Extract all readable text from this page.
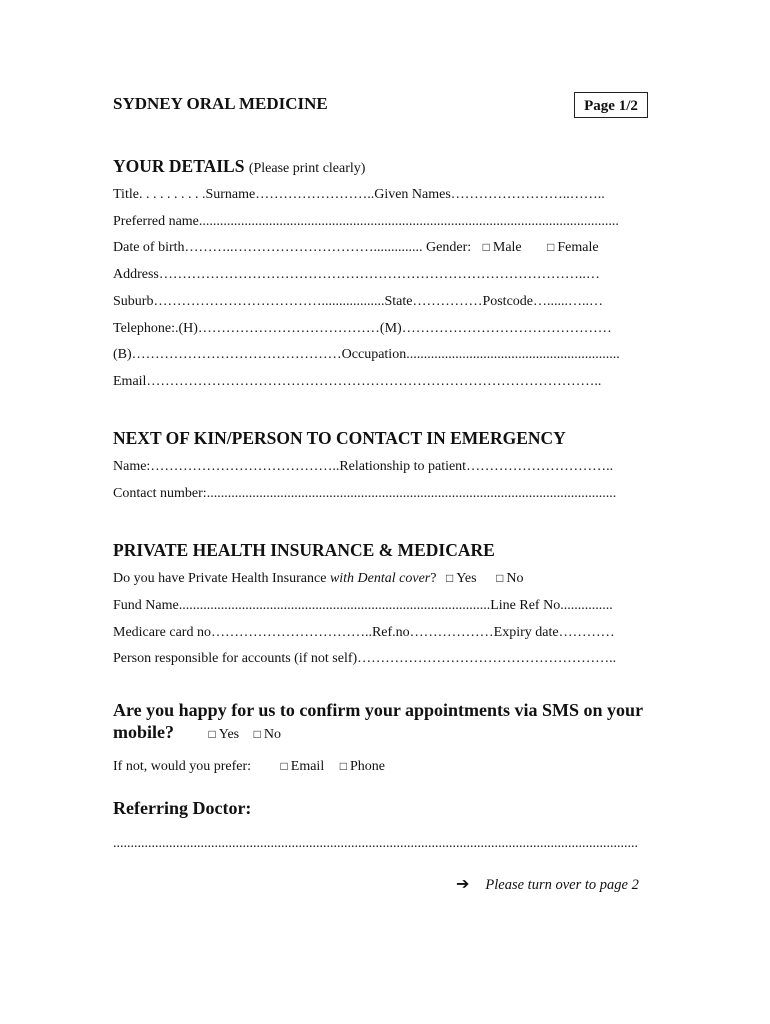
SYDNEY ORAL MEDICINE	Page 1/2
YOUR DETAILS (Please print clearly)
Title. . . . . . . . . .Surname……………………..Given Names……………………..……..
Preferred name........................................................................................................................
Date of birth………..………………………….............. Gender: □ Male □ Female
Address………………………………………………………………………………..…
Suburb………………………………..................State……………Postcode…......…..…
Telephone:.(H)…………………………………(M)………………………………………
(B)………………………………………Occupation.............................................................
Email……………………………………………………………………………………..
NEXT OF KIN/PERSON TO CONTACT IN EMERGENCY
Name:…………………………………..Relationship to patient…………………………..
Contact number:.....................................................................................................................
PRIVATE HEALTH INSURANCE & MEDICARE
Do you have Private Health Insurance with Dental cover? □ Yes □ No
Fund Name.........................................................................................Line Ref No...............
Medicare card no……………………………..Ref.no………………Expiry date…………
Person responsible for accounts (if not self)………………………………………………..
Are you happy for us to confirm your appointments via SMS on your mobile?	□ Yes □ No
If not, would you prefer: □ Email □ Phone
Referring Doctor:
......................................................................................................................................................
➔ Please turn over to page 2
